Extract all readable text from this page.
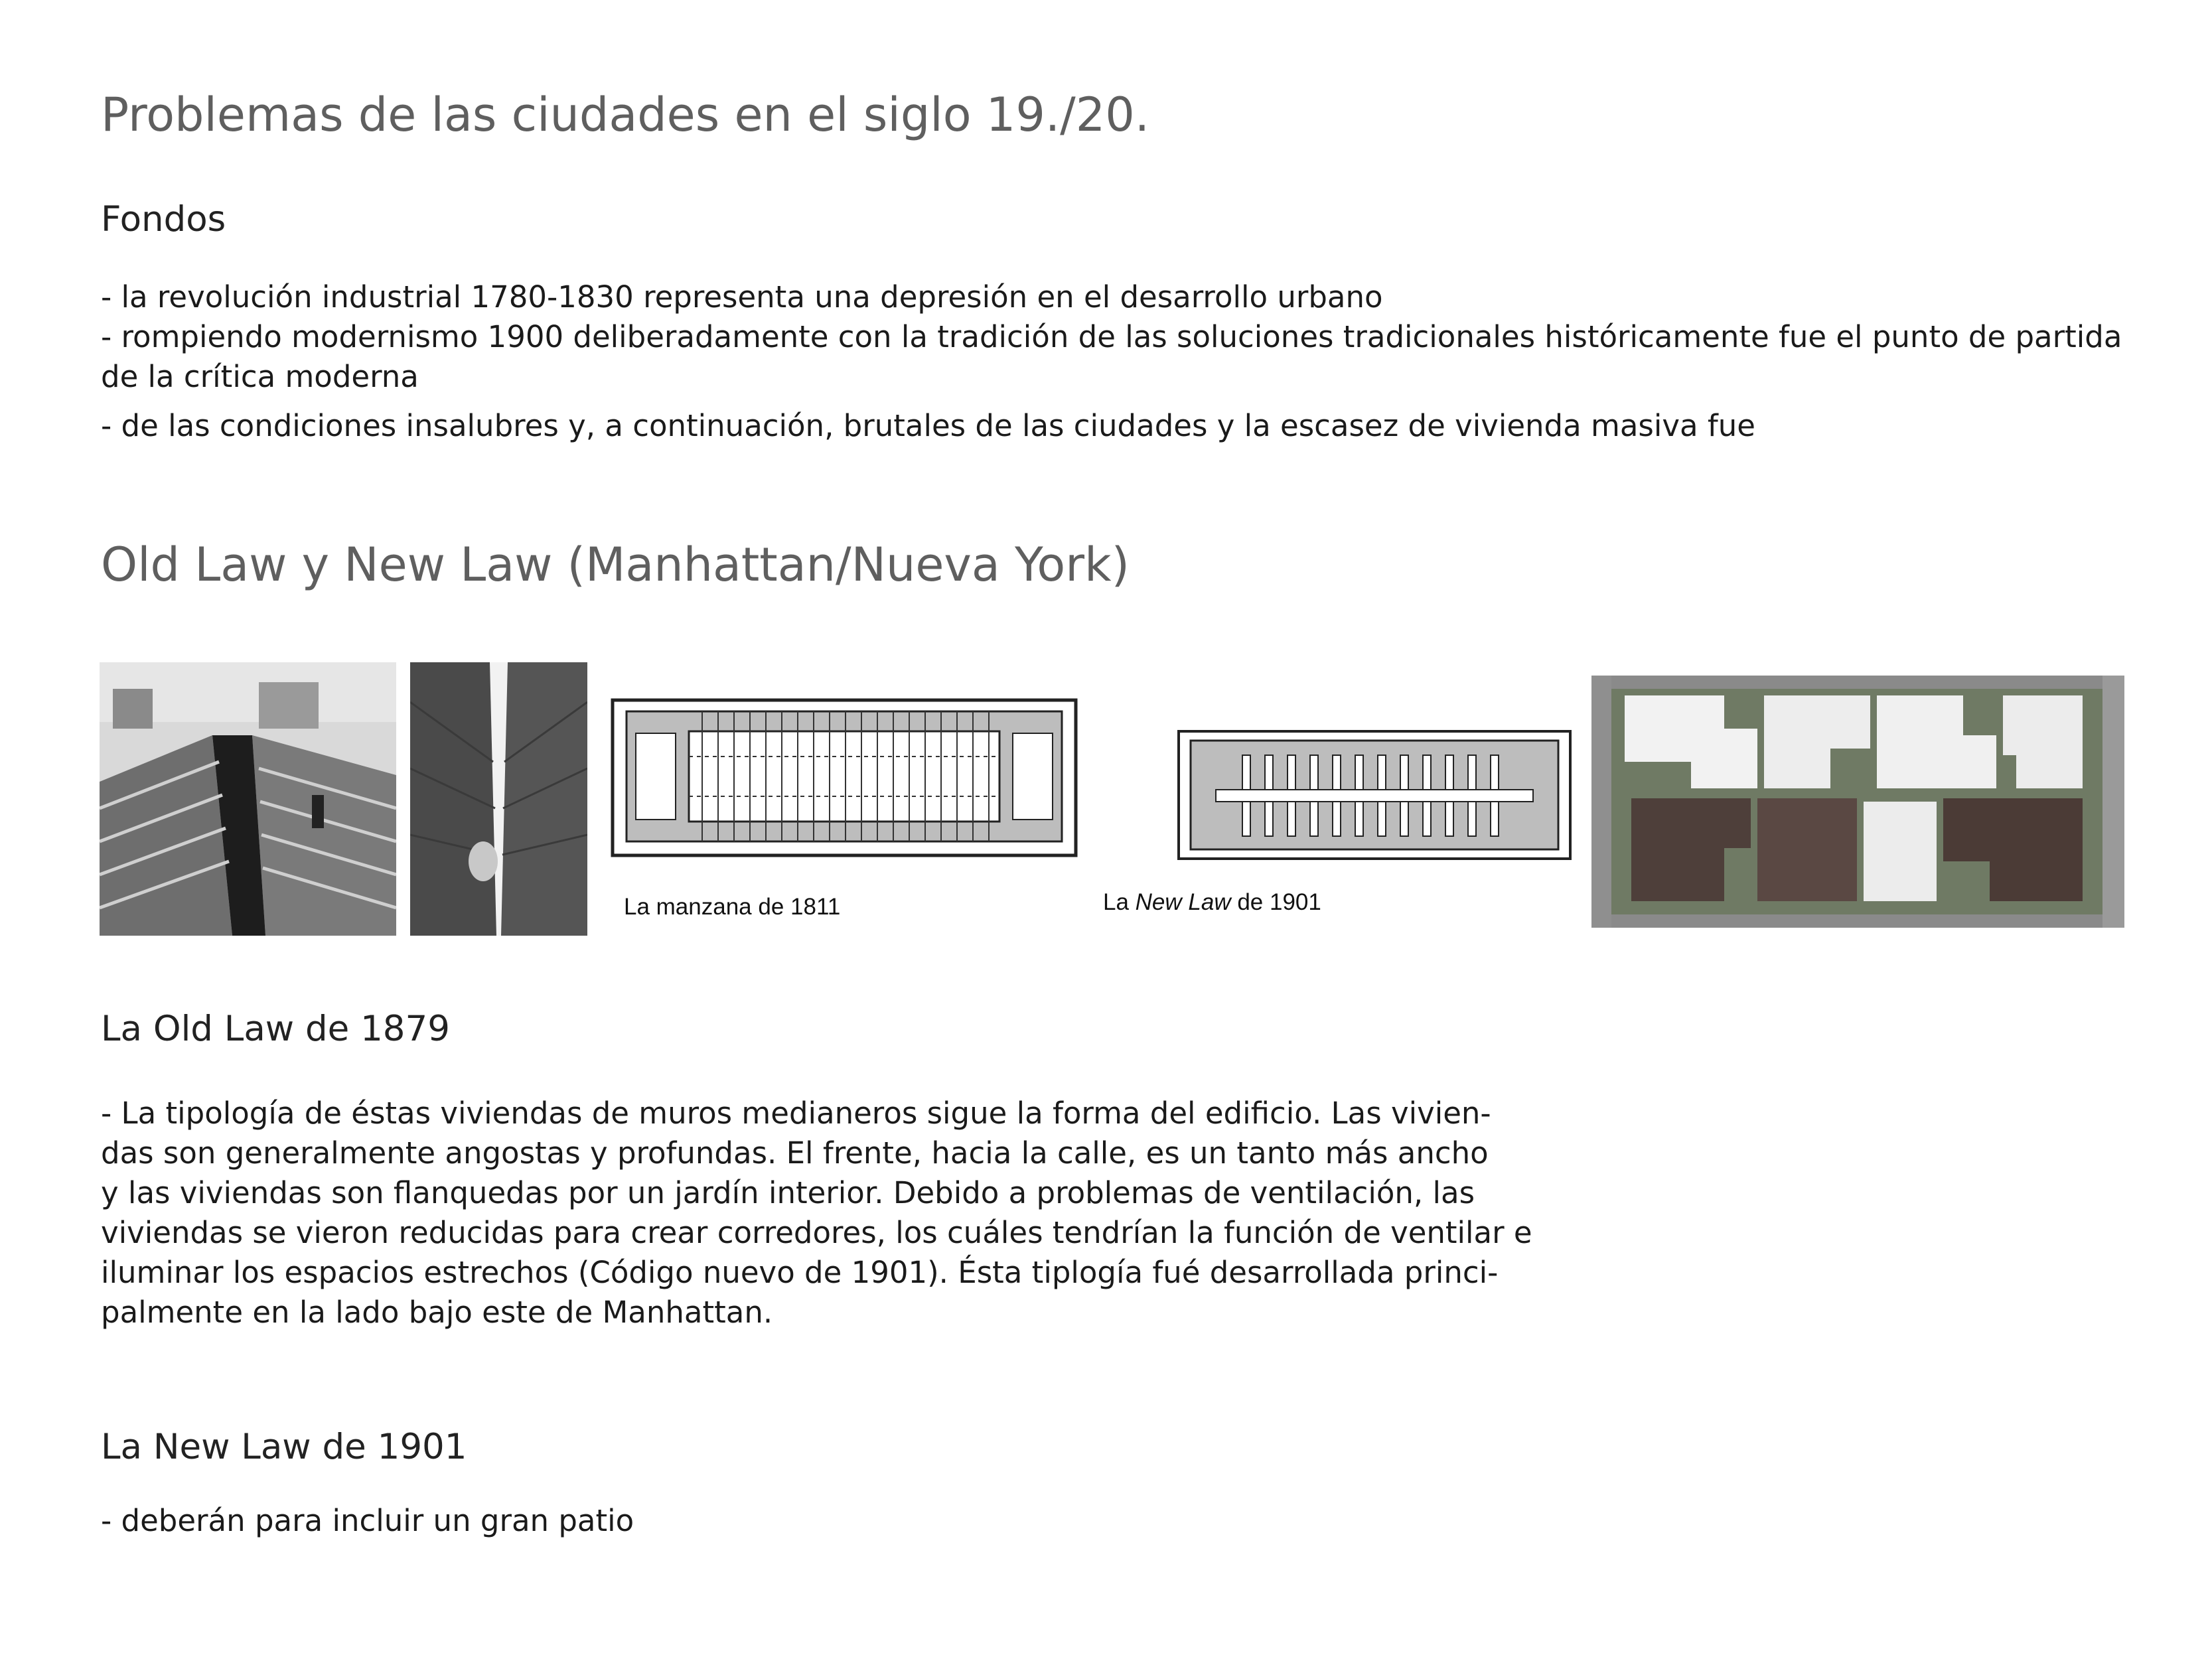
Problemas de las ciudades en el siglo 19./20.
Fondos

- la revolución industrial 1780-1830 representa una depresión en el desarrollo urbano

- rompiendo modernismo 1900 deliberadamente con la tradición de las soluciones tradicionales históricamente fue el punto de partida de la crítica moderna

- de las condiciones insalubres y, a continuación, brutales de las ciudades y la escasez de vivienda masiva fue

Old Law y New Law (Manhattan/Nueva York)
La manzana de 1811	La New Law de 1901
La Old Law de 1879
- La tipología de éstas viviendas de muros medianeros sigue la forma del edificio. Las vivien-
das son generalmente angostas y profundas. El frente, hacia la calle, es un tanto más ancho
y las viviendas son flanquedas por un jardín interior. Debido a problemas de ventilación, las
viviendas se vieron reducidas para crear corredores, los cuáles tendrían la función de ventilar e
iluminar los espacios estrechos (Código nuevo de 1901). Ésta tiplogía fué desarrollada princi-
palmente en la lado bajo este de Manhattan.
La New Law de 1901

- deberán para incluir un gran patio
